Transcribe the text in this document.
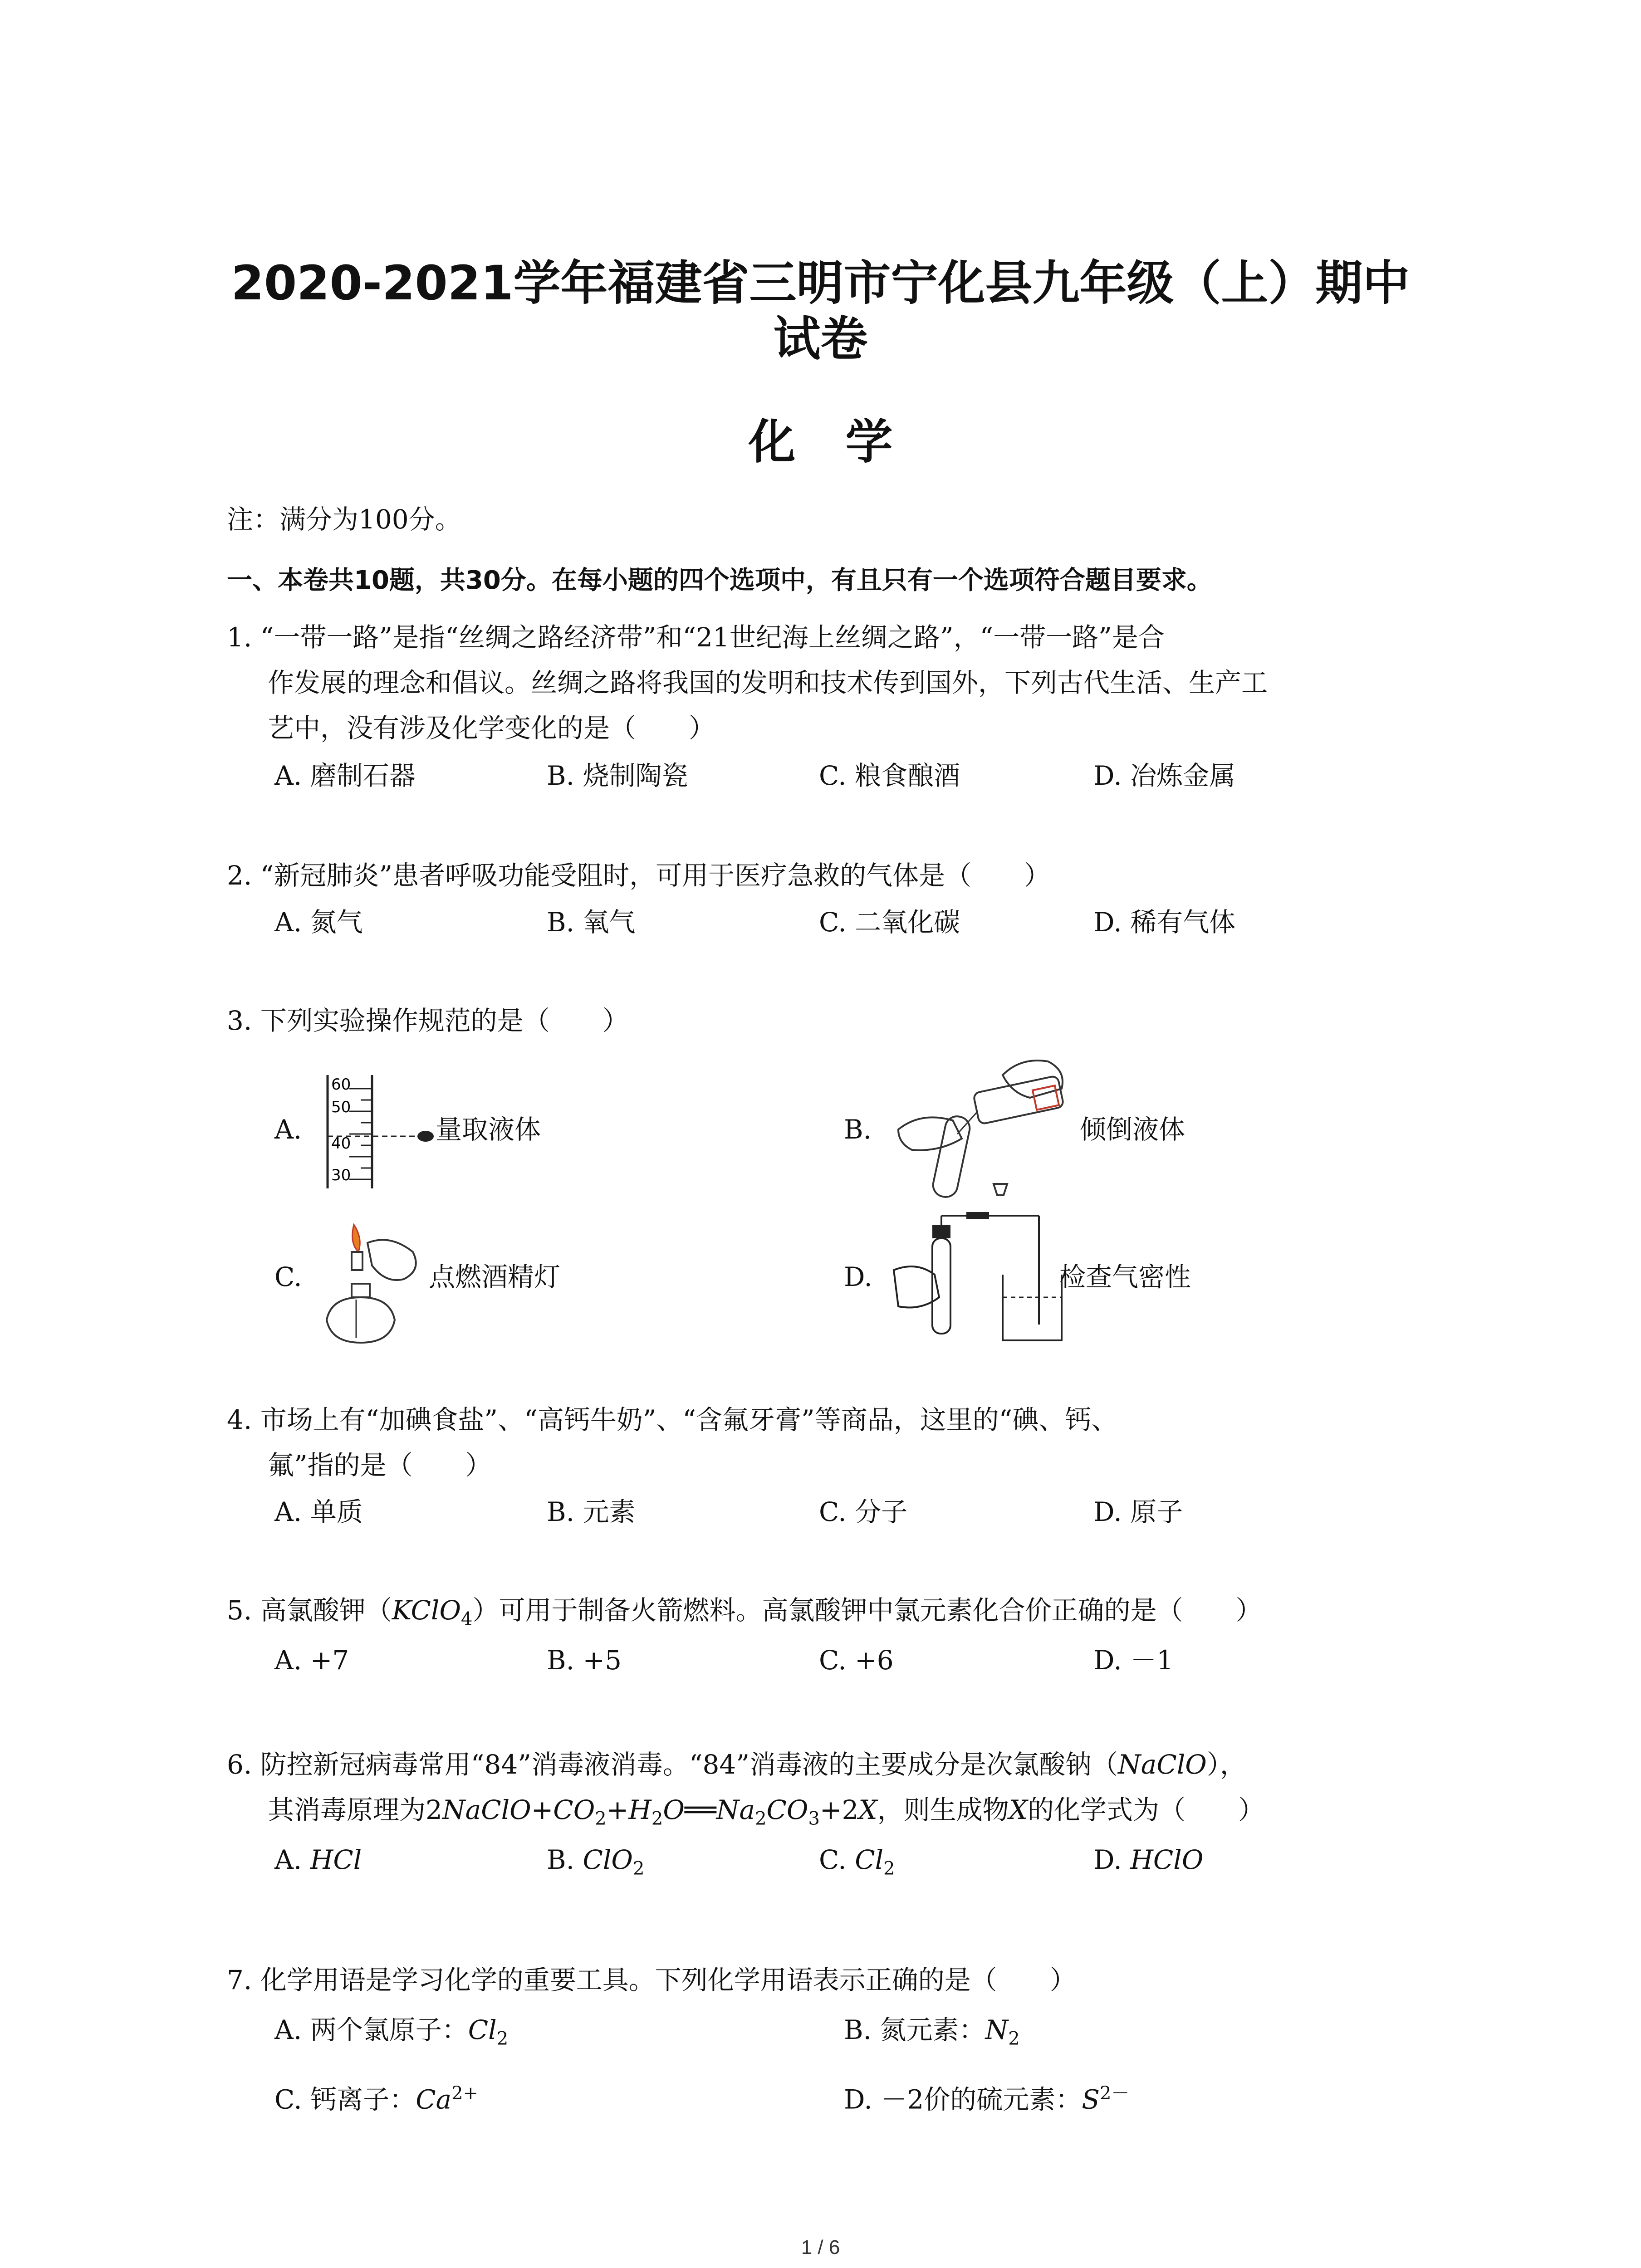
2020-2021学年福建省三明市宁化县九年级（上）期中
试卷
化学
注：满分为100分。
一、本卷共10题，共30分。在每小题的四个选项中，有且只有一个选项符合题目要求。
1. “一带一路”是指“丝绸之路经济带”和“21世纪海上丝绸之路”，“一带一路”是合
作发展的理念和倡议。丝绸之路将我国的发明和技术传到国外，下列古代生活、生产工
艺中，没有涉及化学变化的是（　　）
A. 磨制石器	B. 烧制陶瓷	C. 粮食酿酒	D. 冶炼金属
2. “新冠肺炎”患者呼吸功能受阻时，可用于医疗急救的气体是（　　）
A. 氮气	B. 氧气	C. 二氧化碳	D. 稀有气体
3. 下列实验操作规范的是（　　）
A.
60
50
40
30
量取液体	B.	倾倒液体
C.	点燃酒精灯	D.	检查气密性
4. 市场上有“加碘食盐”、“高钙牛奶”、“含氟牙膏”等商品，这里的“碘、钙、
氟”指的是（　　）
A. 单质	B. 元素	C. 分子	D. 原子
5. 高氯酸钾（KClO$_4$）可用于制备火箭燃料。高氯酸钾中氯元素化合价正确的是（　　）
A. +7	B. +5	C. +6	D. －1
6. 防控新冠病毒常用“84”消毒液消毒。“84”消毒液的主要成分是次氯酸钠（NaClO），
其消毒原理为$2NaClO+CO_2+H_2O══Na_2CO_3+2X$，则生成物X的化学式为（　　）
A. HCl	B. ClO$_2$	C. $Cl_2$	D. HClO
7. 化学用语是学习化学的重要工具。下列化学用语表示正确的是（　　）
A. 两个氯原子：$Cl_2$	B. 氮元素：$N_2$
C. 钙离子：$Ca^{2+}$	D. －2价的硫元素：$S^{2-}$
1 / 6
